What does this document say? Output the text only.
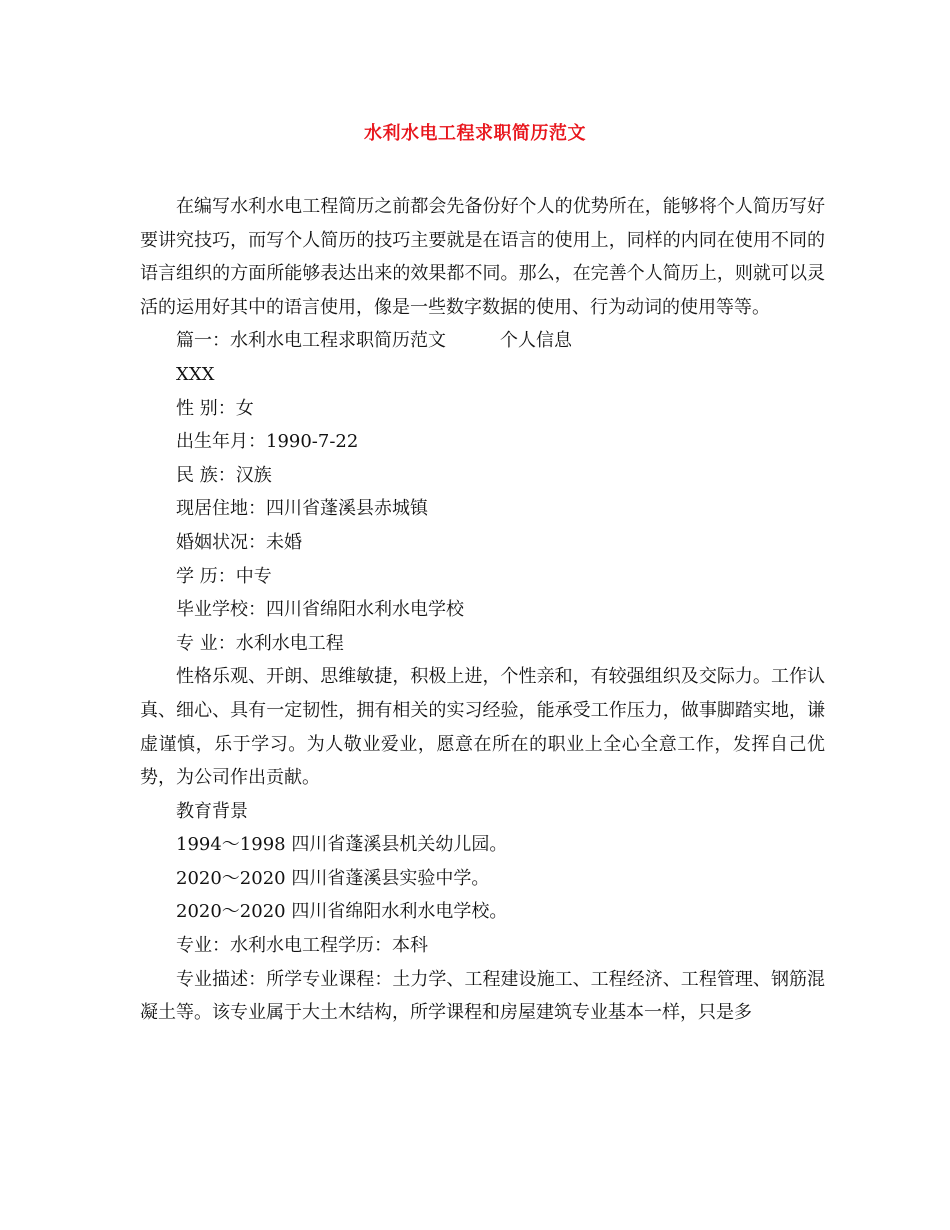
水利水电工程求职简历范文

在编写水利水电工程简历之前都会先备份好个人的优势所在，能够将个人简历写好要讲究技巧，而写个人简历的技巧主要就是在语言的使用上，同样的内同在使用不同的语言组织的方面所能够表达出来的效果都不同。那么，在完善个人简历上，则就可以灵活的运用好其中的语言使用，像是一些数字数据的使用、行为动词的使用等等。

篇一：水利水电工程求职简历范文	个人信息

XXX

性 别：女

出生年月：1990-7-22

民 族：汉族

现居住地：四川省蓬溪县赤城镇

婚姻状况：未婚

学 历：中专

毕业学校：四川省绵阳水利水电学校

专 业：水利水电工程

性格乐观、开朗、思维敏捷，积极上进，个性亲和，有较强组织及交际力。工作认真、细心、具有一定韧性，拥有相关的实习经验，能承受工作压力，做事脚踏实地，谦虚谨慎，乐于学习。为人敬业爱业，愿意在所在的职业上全心全意工作，发挥自己优势，为公司作出贡献。

教育背景

1994～1998 四川省蓬溪县机关幼儿园。

2020～2020 四川省蓬溪县实验中学。

2020～2020 四川省绵阳水利水电学校。

专业：水利水电工程学历：本科

专业描述：所学专业课程：土力学、工程建设施工、工程经济、工程管理、钢筋混凝土等。该专业属于大土木结构，所学课程和房屋建筑专业基本一样，只是多
